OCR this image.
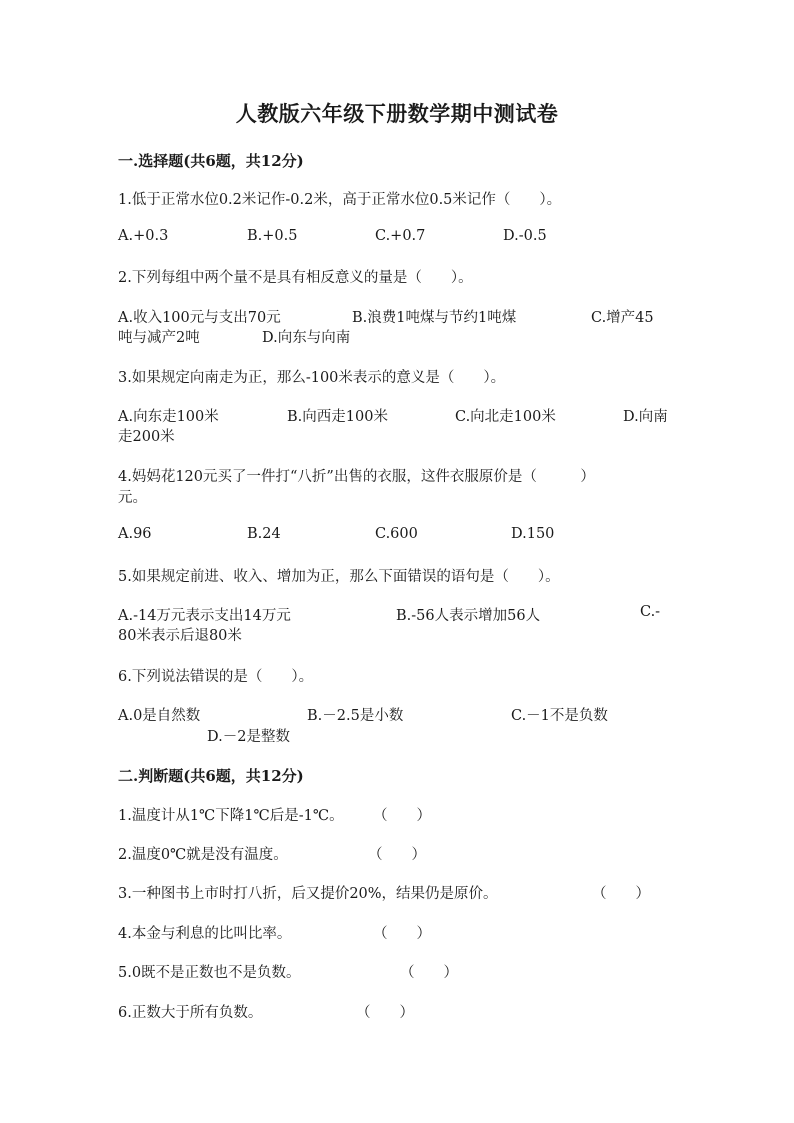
人教版六年级下册数学期中测试卷
一.选择题(共6题，共12分)
1.低于正常水位0.2米记作-0.2米，高于正常水位0.5米记作（　　）。
A.+0.3	B.+0.5	C.+0.7	D.-0.5
2.下列每组中两个量不是具有相反意义的量是（　　）。
A.收入100元与支出70元	B.浪费1吨煤与节约1吨煤	C.增产45
吨与减产2吨	D.向东与向南
3.如果规定向南走为正，那么-100米表示的意义是（　　）。
A.向东走100米	B.向西走100米	C.向北走100米	D.向南
走200米
4.妈妈花120元买了一件打“八折”出售的衣服，这件衣服原价是（　　　）
元。
A.96	B.24	C.600	D.150
5.如果规定前进、收入、增加为正，那么下面错误的语句是（　　）。
A.-14万元表示支出14万元	B.-56人表示增加56人	C.-
80米表示后退80米
6.下列说法错误的是（　　）。
A.0是自然数	B.－2.5是小数	C.－1不是负数
D.－2是整数
二.判断题(共6题，共12分)
1.温度计从1℃下降1℃后是-1℃。 （　　）
2.温度0℃就是没有温度。	（　　）
3.一种图书上市时打八折，后又提价20%，结果仍是原价。	（　　）
4.本金与利息的比叫比率。	（　　）
5.0既不是正数也不是负数。	（　　）
6.正数大于所有负数。	（　　）
